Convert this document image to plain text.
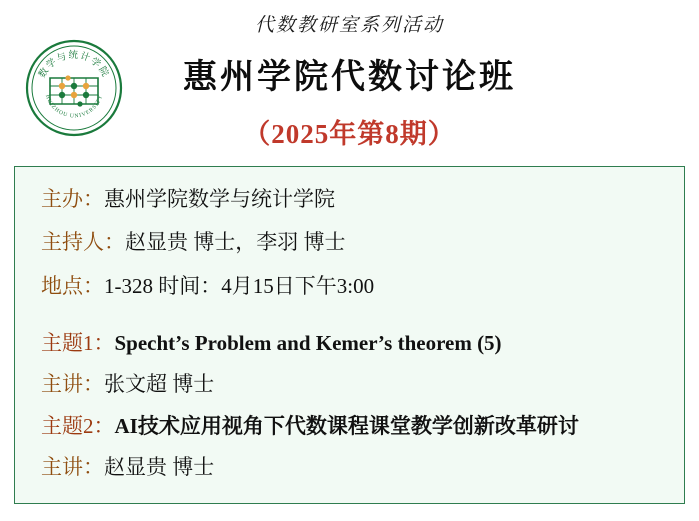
数学与统计学院
HUIZHOU UNIVERSITY
代数教研室系列活动
惠州学院代数讨论班
（2025年第8期）
主办：惠州学院数学与统计学院
主持人：赵显贵 博士，李羽 博士
地点：1-328 时间：4月15日下午3:00
主题1：Specht’s Problem and Kemer’s theorem (5)
主讲：张文超 博士
主题2：AI技术应用视角下代数课程课堂教学创新改革研讨
主讲：赵显贵 博士
